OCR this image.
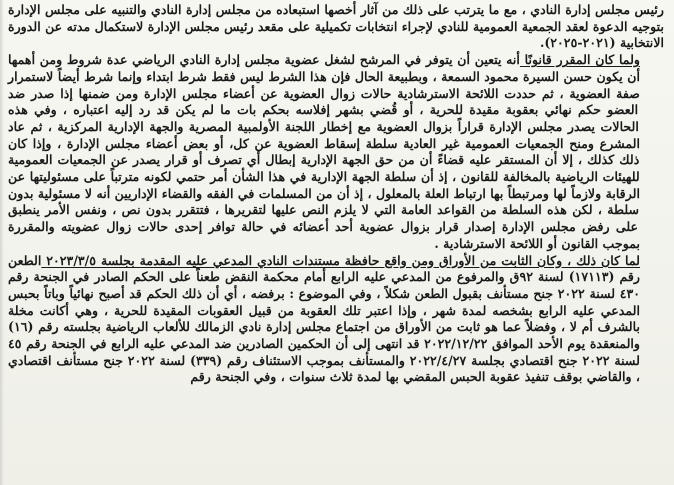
رئيس مجلس إدارة النادي ، مع ما يترتب على ذلك من آثار أخصها استبعاده من مجلس إدارة النادي والتنبيه على مجلس الإدارة بتوجيه الدعوة لعقد الجمعية العمومية للنادي لإجراء انتخابات تكميلية على مقعد رئيس مجلس الإدارة لاستكمال مدته عن الدورة الانتخابية (٢٠٢١-٢٠٢٥).

ولما كان المقرر قانونًا أنه يتعين أن يتوفر في المرشح لشغل عضوية مجلس إدارة النادي الرياضي عدة شروط ومن أهمها أن يكون حسن السيرة محمود السمعة ، وبطبيعة الحال فإن هذا الشرط ليس فقط شرط ابتداء وإنما شرط أيضاً لاستمرار صفة العضوية ، ثم حددت اللائحة الاسترشادية حالات زوال العضوية عن أعضاء مجلس الإدارة ومن ضمنها إذا صدر ضد العضو حكم نهائي بعقوبة مقيدة للحرية ، أو قُضي بشهر إفلاسه بحكم بات ما لم يكن قد رد إليه اعتباره ، وفي هذه الحالات يصدر مجلس الإدارة قراراً بزوال العضوية مع إخطار اللجنة الأولمبية المصرية والجهة الإدارية المركزية ، ثم عاد المشرع ومنح الجمعيات العمومية غير العادية سلطة إسقاط العضوية عن كل، أو بعض أعضاء مجلس الإدارة ، وإذا كان ذلك كذلك ، إلا أن المستقر عليه قضاءً أن من حق الجهة الإدارية إبطال أي تصرف أو قرار يصدر عن الجمعيات العمومية للهيئات الرياضية بالمخالفة للقانون ، إذ أن سلطة الجهة الإدارية في هذا الشأن أمر حتمي لكونه مترتباً على مسئوليتها عن الرقابة ولازماً لها ومرتبطاً بها ارتباط العلة بالمعلول ، إذ أن من المسلمات في الفقه والقضاء الإداريين أنه لا مسئولية بدون سلطة ، لكن هذه السلطة من القواعد العامة التي لا يلزم النص عليها لتقريرها ، فتتقرر بدون نص ، ونفس الأمر ينطبق على رفض مجلس الإدارة إصدار قرار بزوال عضوية أحد أعضائه في حالة توافر إحدى حالات زوال عضويته والمقررة بموجب القانون أو اللائحة الاسترشادية .

لما كان ذلك ، وكان الثابت من الأوراق ومن واقع حافظة مستندات النادي المدعي عليه المقدمة بجلسة ٢٠٢٣/٣/٥ الطعن رقم (١٧١١٣) لسنة ٩٢ق والمرفوع من المدعي عليه الرابع أمام محكمة النقض طعناً على الحكم الصادر في الجنحة رقم ٤٣٠ لسنة ٢٠٢٢ جنح مستأنف بقبول الطعن شكلاً ، وفي الموضوع : برفضه ، أي أن ذلك الحكم قد أصبح نهائياً وباتاً بحبس المدعي عليه الرابع بشخصه لمدة شهر ، وإذا اعتبر تلك العقوبة من قبيل العقوبات المقيدة للحرية ، وهي أكانت مخلة بالشرف أم لا ، وفضلاً عما هو ثابت من الأوراق من اجتماع مجلس إدارة نادي الزمالك للألعاب الرياضية بجلسته رقم (١٦) والمنعقدة يوم الأحد الموافق ٢٠٢٢/١٢/٢٢ قد انتهى إلى أن الحكمين الصادرين ضد المدعي عليه الرابع في الجنحة رقم ٤٥ لسنة ٢٠٢٢ جنح اقتصادي بجلسة ٢٠٢٢/٤/٢٧ والمستأنف بموجب الاستئناف رقم (٣٣٩) لسنة ٢٠٢٢ جنح مستأنف اقتصادي ، والقاضي بوقف تنفيذ عقوبة الحبس المقضي بها لمدة ثلاث سنوات ، وفي الجنحة رقم
